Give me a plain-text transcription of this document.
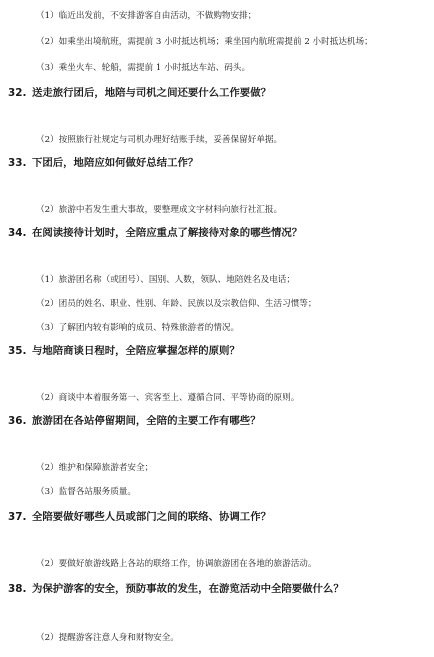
（1）临近出发前，不安排游客自由活动，不做购物安排；
（2）如乘坐出境航班，需提前 3 小时抵达机场；乘坐国内航班需提前 2 小时抵达机场；
（3）乘坐火车、轮船，需提前 1 小时抵达车站、码头。
32. 送走旅行团后，地陪与司机之间还要什么工作要做？
（2）按照旅行社规定与司机办理好结账手续，妥善保留好单据。
33. 下团后，地陪应如何做好总结工作？
（2）旅游中若发生重大事故，要整理成文字材料向旅行社汇报。
34. 在阅读接待计划时，全陪应重点了解接待对象的哪些情况？
（1）旅游团名称（或团号）、国别、人数，领队、地陪姓名及电话；
（2）团员的姓名、职业、性别、年龄、民族以及宗教信仰、生活习惯等；
（3）了解团内较有影响的成员、特殊旅游者的情况。
35. 与地陪商谈日程时，全陪应掌握怎样的原则？
（2）商谈中本着服务第一、宾客至上、遵循合同、平等协商的原则。
36. 旅游团在各站停留期间，全陪的主要工作有哪些？
（2）维护和保障旅游者安全；
（3）监督各站服务质量。
37. 全陪要做好哪些人员或部门之间的联络、协调工作？
（2）要做好旅游线路上各站的联络工作，协调旅游团在各地的旅游活动。
38. 为保护游客的安全，预防事故的发生，在游览活动中全陪要做什么？
（2）提醒游客注意人身和财物安全。
